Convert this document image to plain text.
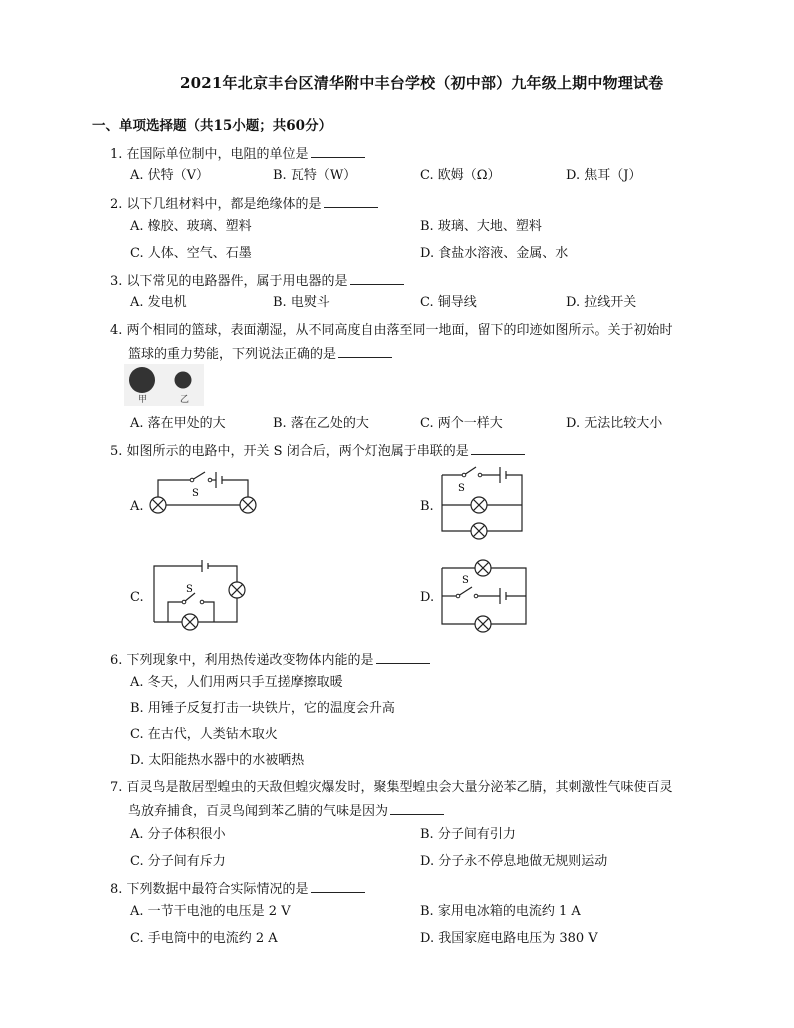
2021年北京丰台区清华附中丰台学校（初中部）九年级上期中物理试卷
一、单项选择题（共15小题；共60分）
1. 在国际单位制中，电阻的单位是
A. 伏特（V）	B. 瓦特（W）	C. 欧姆（Ω）	D. 焦耳（J）
2. 以下几组材料中，都是绝缘体的是
A. 橡胶、玻璃、塑料	B. 玻璃、大地、塑料
C. 人体、空气、石墨	D. 食盐水溶液、金属、水
3. 以下常见的电路器件，属于用电器的是
A. 发电机	B. 电熨斗	C. 铜导线	D. 拉线开关
4. 两个相同的篮球，表面潮湿，从不同高度自由落至同一地面，留下的印迹如图所示。关于初始时
篮球的重力势能，下列说法正确的是
甲	乙
A. 落在甲处的大	B. 落在乙处的大	C. 两个一样大	D. 无法比较大小
5. 如图所示的电路中，开关 S 闭合后，两个灯泡属于串联的是
A.
S
B.
S
C.
S
D.
S
6. 下列现象中，利用热传递改变物体内能的是
A. 冬天，人们用两只手互搓摩擦取暖
B. 用锤子反复打击一块铁片，它的温度会升高
C. 在古代，人类钻木取火
D. 太阳能热水器中的水被晒热
7. 百灵鸟是散居型蝗虫的天敌但蝗灾爆发时，聚集型蝗虫会大量分泌苯乙腈，其刺激性气味使百灵
鸟放弃捕食，百灵鸟闻到苯乙腈的气味是因为
A. 分子体积很小	B. 分子间有引力
C. 分子间有斥力	D. 分子永不停息地做无规则运动
8. 下列数据中最符合实际情况的是
A. 一节干电池的电压是 2 V	B. 家用电冰箱的电流约 1 A
C. 手电筒中的电流约 2 A	D. 我国家庭电路电压为 380 V
